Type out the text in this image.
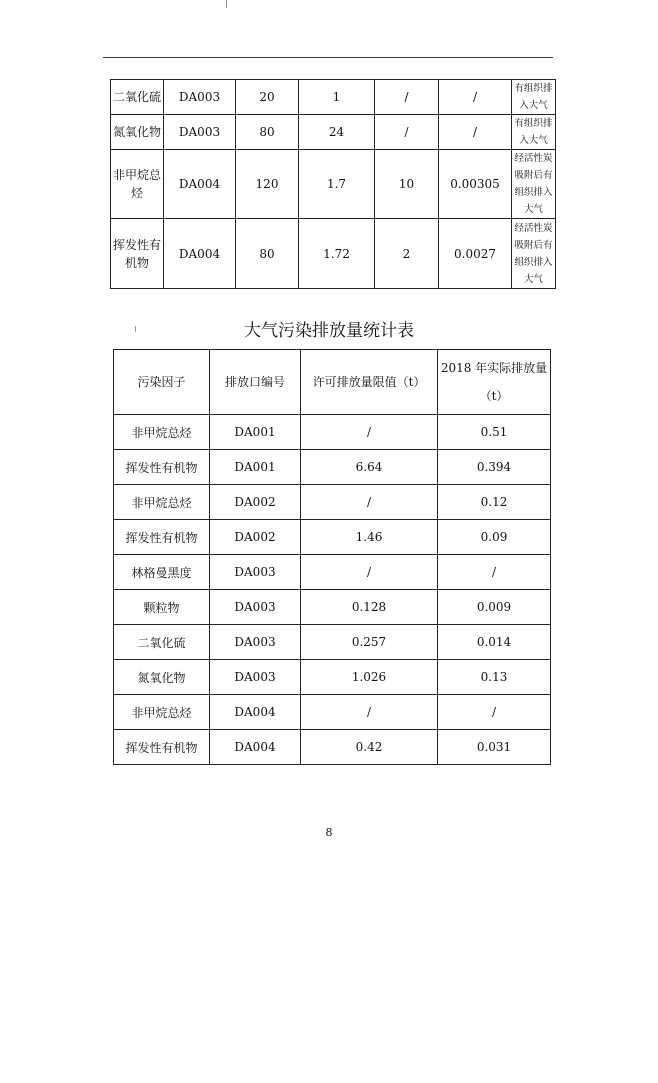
二氧化硫	DA003	20	1	/	/	有组织排入大气
氮氧化物	DA003	80	24	/	/	有组织排入大气
非甲烷总烃	DA004	120	1.7	10	0.00305	经活性炭吸附后有组织排入大气
挥发性有机物	DA004	80	1.72	2	0.0027	经活性炭吸附后有组织排入大气
大气污染排放量统计表
污染因子	排放口编号	许可排放量限值（t）	2018 年实际排放量（t）
非甲烷总烃	DA001	/	0.51
挥发性有机物	DA001	6.64	0.394
非甲烷总烃	DA002	/	0.12
挥发性有机物	DA002	1.46	0.09
林格曼黑度	DA003	/	/
颗粒物	DA003	0.128	0.009
二氧化硫	DA003	0.257	0.014
氮氧化物	DA003	1.026	0.13
非甲烷总烃	DA004	/	/
挥发性有机物	DA004	0.42	0.031
8
